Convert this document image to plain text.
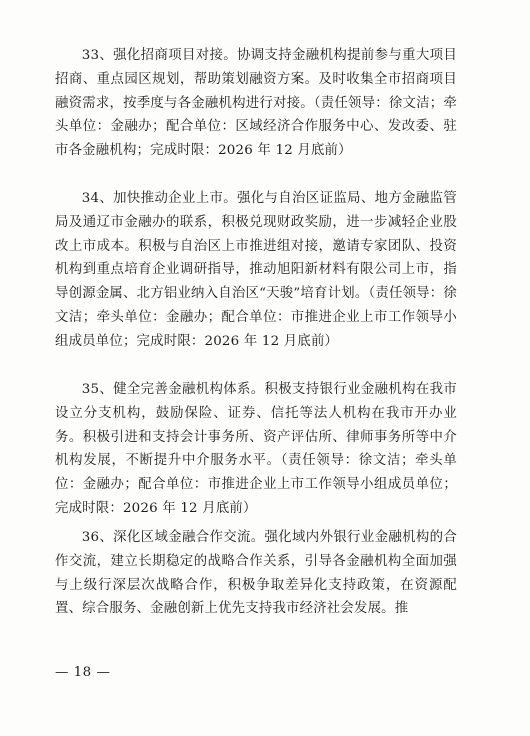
33、强化招商项目对接。协调支持金融机构提前参与重大项目招商、重点园区规划，帮助策划融资方案。及时收集全市招商项目融资需求，按季度与各金融机构进行对接。（责任领导：徐文洁；牵头单位：金融办；配合单位：区域经济合作服务中心、发改委、驻市各金融机构；完成时限：2026 年 12 月底前）

34、加快推动企业上市。强化与自治区证监局、地方金融监管局及通辽市金融办的联系，积极兑现财政奖励，进一步减轻企业股改上市成本。积极与自治区上市推进组对接，邀请专家团队、投资机构到重点培育企业调研指导，推动旭阳新材料有限公司上市，指导创源金属、北方铝业纳入自治区“天骏”培育计划。（责任领导：徐文洁；牵头单位：金融办；配合单位：市推进企业上市工作领导小组成员单位；完成时限：2026 年 12 月底前）

35、健全完善金融机构体系。积极支持银行业金融机构在我市设立分支机构，鼓励保险、证券、信托等法人机构在我市开办业务。积极引进和支持会计事务所、资产评估所、律师事务所等中介机构发展，不断提升中介服务水平。（责任领导：徐文洁；牵头单位：金融办；配合单位：市推进企业上市工作领导小组成员单位；完成时限：2026 年 12 月底前）

36、深化区域金融合作交流。强化域内外银行业金融机构的合作交流，建立长期稳定的战略合作关系，引导各金融机构全面加强与上级行深层次战略合作，积极争取差异化支持政策，在资源配置、综合服务、金融创新上优先支持我市经济社会发展。推

— 18 —
